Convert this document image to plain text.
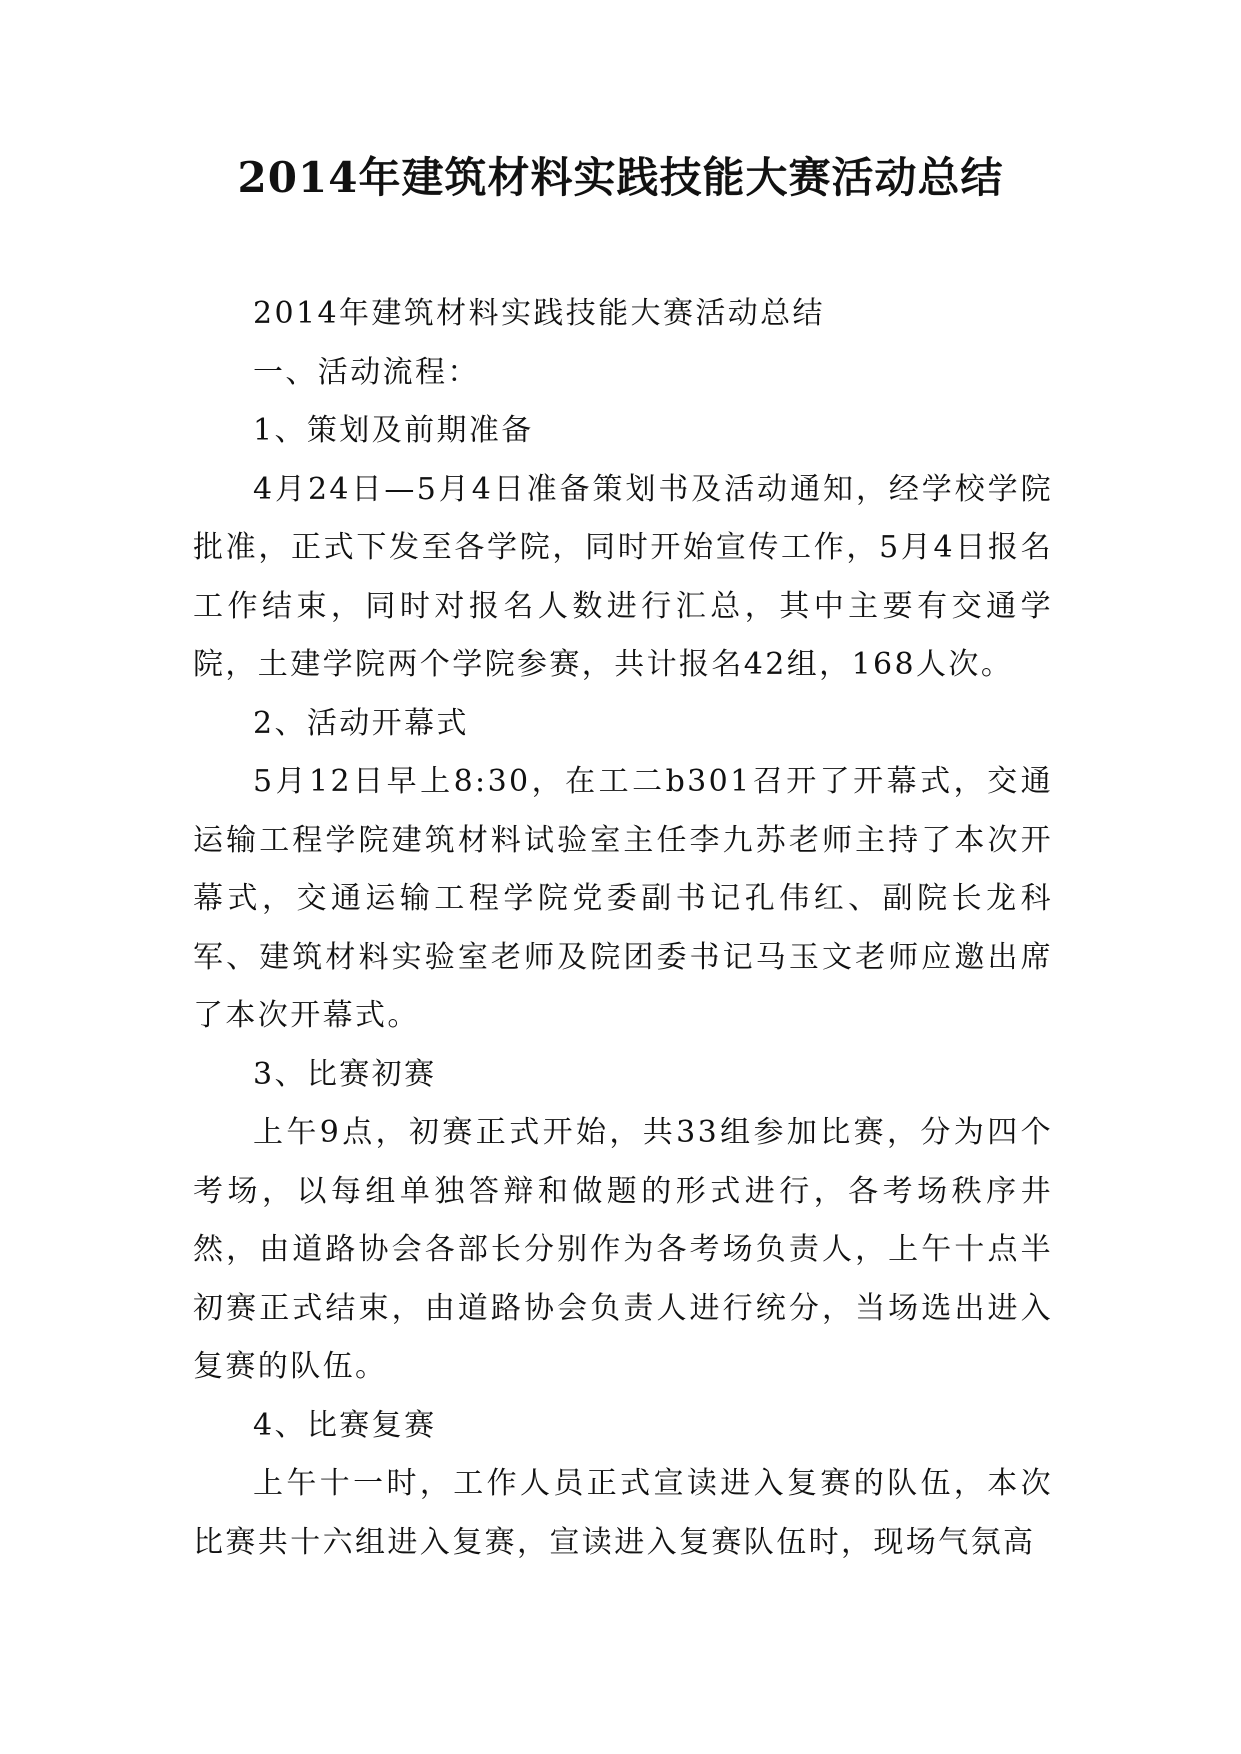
2014年建筑材料实践技能大赛活动总结

2014年建筑材料实践技能大赛活动总结

一、活动流程：

1、策划及前期准备

4月24日—5月4日准备策划书及活动通知，经学校学院批准，正式下发至各学院，同时开始宣传工作，5月4日报名工作结束，同时对报名人数进行汇总，其中主要有交通学院，土建学院两个学院参赛，共计报名42组，168人次。

2、活动开幕式

5月12日早上8:30，在工二b301召开了开幕式，交通运输工程学院建筑材料试验室主任李九苏老师主持了本次开幕式，交通运输工程学院党委副书记孔伟红、副院长龙科军、建筑材料实验室老师及院团委书记马玉文老师应邀出席了本次开幕式。

3、比赛初赛

上午9点，初赛正式开始，共33组参加比赛，分为四个考场，以每组单独答辩和做题的形式进行，各考场秩序井然，由道路协会各部长分别作为各考场负责人，上午十点半初赛正式结束，由道路协会负责人进行统分，当场选出进入复赛的队伍。

4、比赛复赛

上午十一时，工作人员正式宣读进入复赛的队伍，本次比赛共十六组进入复赛，宣读进入复赛队伍时，现场气氛高
